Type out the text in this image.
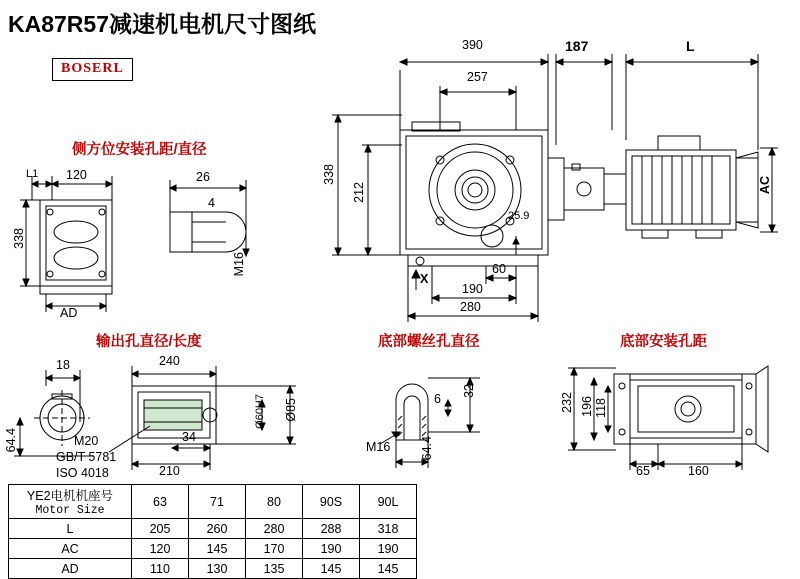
KA87R57减速机电机尺寸图纸
BOSERL
390
257
187	L
338
212	AC
25.9
60
190
280
X
侧方位安装孔距/直径
L1 120
338
AD
26
4
M16
输出孔直径/长度
18
64.4
240
210
34
Ø85
Ø60H7
M20
GB/T 5781
ISO 4018
底部螺丝孔直径
32
6
64.4
M16
底部安装孔距
232 196 118
65	160
YE2电机机座号
Motor Size	63	71	80	90S	90L
L	205	260	280	288	318
AC	120	145	170	190	190
AD	110	130	135	145	145
